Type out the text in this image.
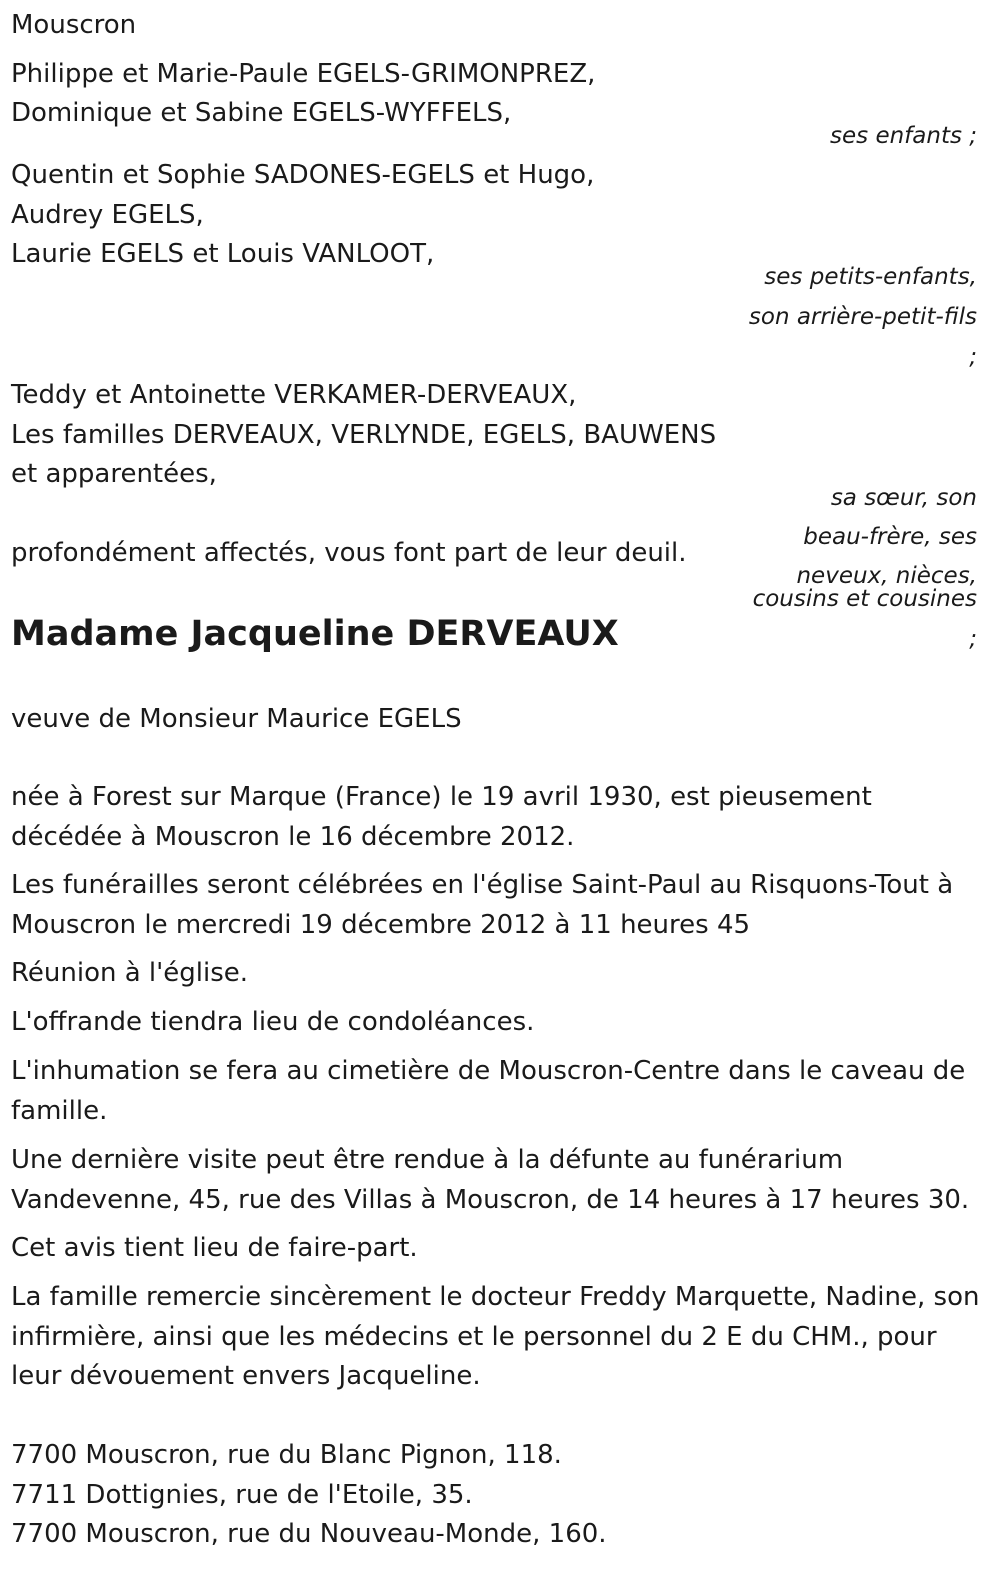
Mouscron
Philippe et Marie-Paule EGELS-GRIMONPREZ,
Dominique et Sabine EGELS-WYFFELS,
ses enfants ;
Quentin et Sophie SADONES-EGELS et Hugo,
Audrey EGELS,
Laurie EGELS et Louis VANLOOT,
ses petits-enfants,
son arrière-petit-fils
;
Teddy et Antoinette VERKAMER-DERVEAUX,
Les familles DERVEAUX, VERLYNDE, EGELS, BAUWENS
et apparentées,
sa sœur, son
beau-frère, ses
neveux, nièces,
cousins et cousines
;
profondément affectés, vous font part de leur deuil.
Madame Jacqueline DERVEAUX
veuve de Monsieur Maurice EGELS
née à Forest sur Marque (France) le 19 avril 1930, est pieusement décédée à Mouscron le 16 décembre 2012.
Les funérailles seront célébrées en l'église Saint-Paul au Risquons-Tout à Mouscron le mercredi 19 décembre 2012 à 11 heures 45
Réunion à l'église.
L'offrande tiendra lieu de condoléances.
L'inhumation se fera au cimetière de Mouscron-Centre dans le caveau de famille.
Une dernière visite peut être rendue à la défunte au funérarium Vandevenne, 45, rue des Villas à Mouscron, de 14 heures à 17 heures 30.
Cet avis tient lieu de faire-part.
La famille remercie sincèrement le docteur Freddy Marquette, Nadine, son infirmière, ainsi que les médecins et le personnel du 2 E du CHM., pour leur dévouement envers Jacqueline.
7700 Mouscron, rue du Blanc Pignon, 118.
7711 Dottignies, rue de l'Etoile, 35.
7700 Mouscron, rue du Nouveau-Monde, 160.
